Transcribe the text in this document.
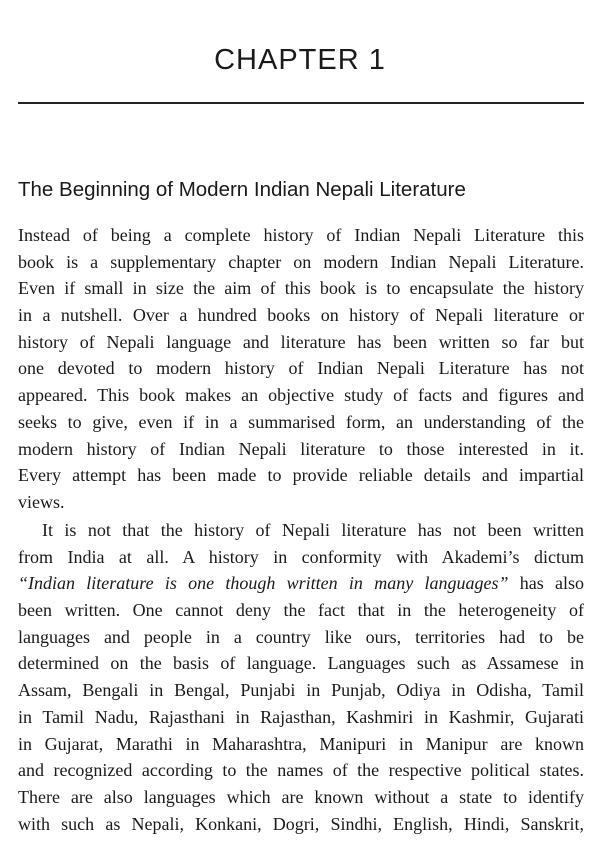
CHAPTER 1
The Beginning of Modern Indian Nepali Literature
Instead of being a complete history of Indian Nepali Literature this
book is a supplementary chapter on modern Indian Nepali Literature.
Even if small in size the aim of this book is to encapsulate the history
in a nutshell. Over a hundred books on history of Nepali literature or
history of Nepali language and literature has been written so far but
one devoted to modern history of Indian Nepali Literature has not
appeared. This book makes an objective study of facts and figures and
seeks to give, even if in a summarised form, an understanding of the
modern history of Indian Nepali literature to those interested in it.
Every attempt has been made to provide reliable details and impartial
views.
It is not that the history of Nepali literature has not been written
from India at all. A history in conformity with Akademi’s dictum
“Indian literature is one though written in many languages” has also
been written. One cannot deny the fact that in the heterogeneity of
languages and people in a country like ours, territories had to be
determined on the basis of language. Languages such as Assamese in
Assam, Bengali in Bengal, Punjabi in Punjab, Odiya in Odisha, Tamil
in Tamil Nadu, Rajasthani in Rajasthan, Kashmiri in Kashmir, Gujarati
in Gujarat, Marathi in Maharashtra, Manipuri in Manipur are known
and recognized according to the names of the respective political states.
There are also languages which are known without a state to identify
with such as Nepali, Konkani, Dogri, Sindhi, English, Hindi, Sanskrit,
